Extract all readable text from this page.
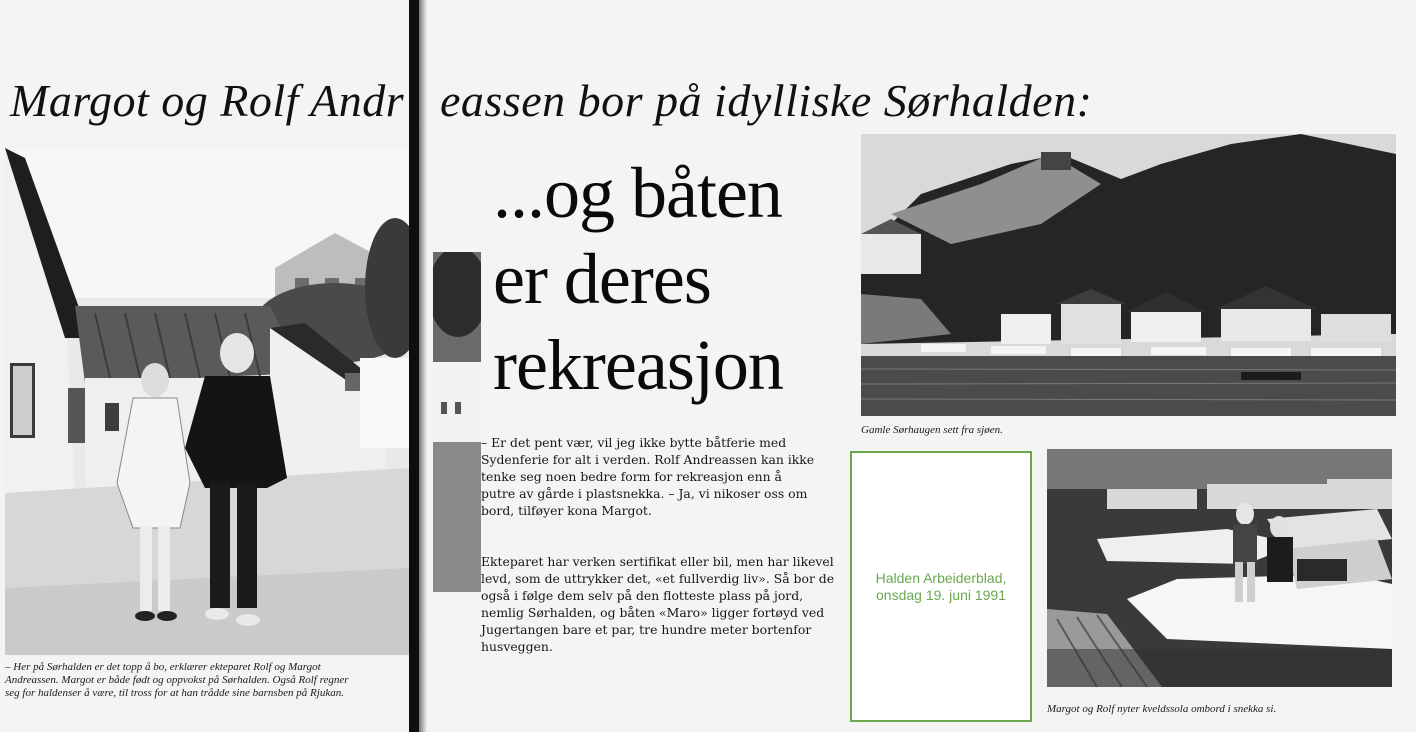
Margot og Rolf Andr eassen bor på idylliske Sørhalden:
– Her på Sørhalden er det topp å bo, erklærer ekteparet Rolf og Margot Andreassen. Margot er både født og oppvokst på Sørhalden. Også Rolf regner seg for haldenser å være, til tross for at han trådde sine barnsben på Rjukan.
...og båten
er deres
rekreasjon

– Er det pent vær, vil jeg ikke bytte båtferie med Sydenferie for alt i verden. Rolf Andreassen kan ikke tenke seg noen bedre form for rekreasjon enn å putre av gårde i plastsnekka. – Ja, vi nikoser oss om bord, tilføyer kona Margot.

Ekteparet har verken sertifikat eller bil, men har likevel levd, som de uttrykker det, «et fullverdig liv». Så bor de også i følge dem selv på den flotteste plass på jord, nemlig Sørhalden, og båten «Maro» ligger fortøyd ved Jugertangen bare et par, tre hundre meter bortenfor husveggen.

Gamle Sørhaugen sett fra sjøen.
Margot og Rolf nyter kveldssola ombord i snekka si.
Halden Arbeiderblad,
onsdag 19. juni 1991
